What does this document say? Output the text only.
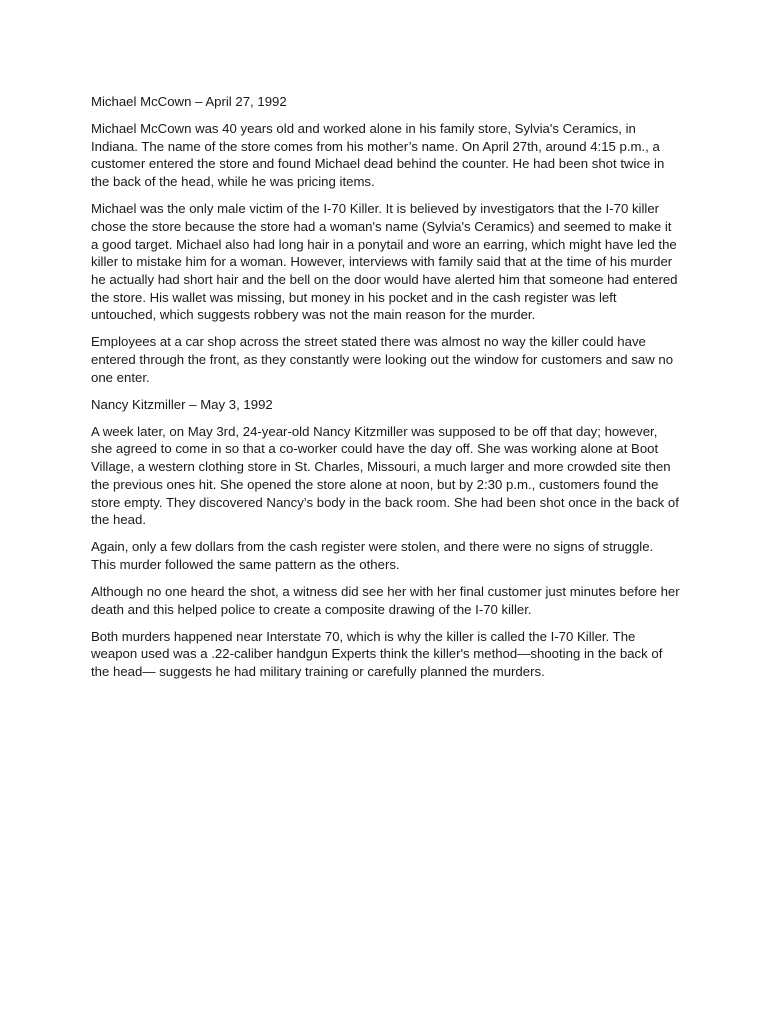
Michael McCown – April 27, 1992

Michael McCown was 40 years old and worked alone in his family store, Sylvia's Ceramics, in Indiana. The name of the store comes from his mother’s name. On April 27th, around 4:15 p.m., a customer entered the store and found Michael dead behind the counter. He had been shot twice in the back of the head, while he was pricing items.

Michael was the only male victim of the I-70 Killer. It is believed by investigators that the I-70 killer chose the store because the store had a woman's name (Sylvia's Ceramics) and seemed to make it a good target. Michael also had long hair in a ponytail and wore an earring, which might have led the killer to mistake him for a woman. However, interviews with family said that at the time of his murder he actually had short hair and the bell on the door would have alerted him that someone had entered the store. His wallet was missing, but money in his pocket and in the cash register was left untouched, which suggests robbery was not the main reason for the murder.

Employees at a car shop across the street stated there was almost no way the killer could have entered through the front, as they constantly were looking out the window for customers and saw no one enter.

Nancy Kitzmiller – May 3, 1992

A week later, on May 3rd, 24-year-old Nancy Kitzmiller was supposed to be off that day; however, she agreed to come in so that a co-worker could have the day off. She was working alone at Boot Village, a western clothing store in St. Charles, Missouri, a much larger and more crowded site then the previous ones hit. She opened the store alone at noon, but by 2:30 p.m., customers found the store empty. They discovered Nancy’s body in the back room. She had been shot once in the back of the head.

Again, only a few dollars from the cash register were stolen, and there were no signs of struggle. This murder followed the same pattern as the others.

Although no one heard the shot, a witness did see her with her final customer just minutes before her death and this helped police to create a composite drawing of the I-70 killer.

Both murders happened near Interstate 70, which is why the killer is called the I-70 Killer. The weapon used was a .22-caliber handgun Experts think the killer's method—shooting in the back of the head— suggests he had military training or carefully planned the murders.
